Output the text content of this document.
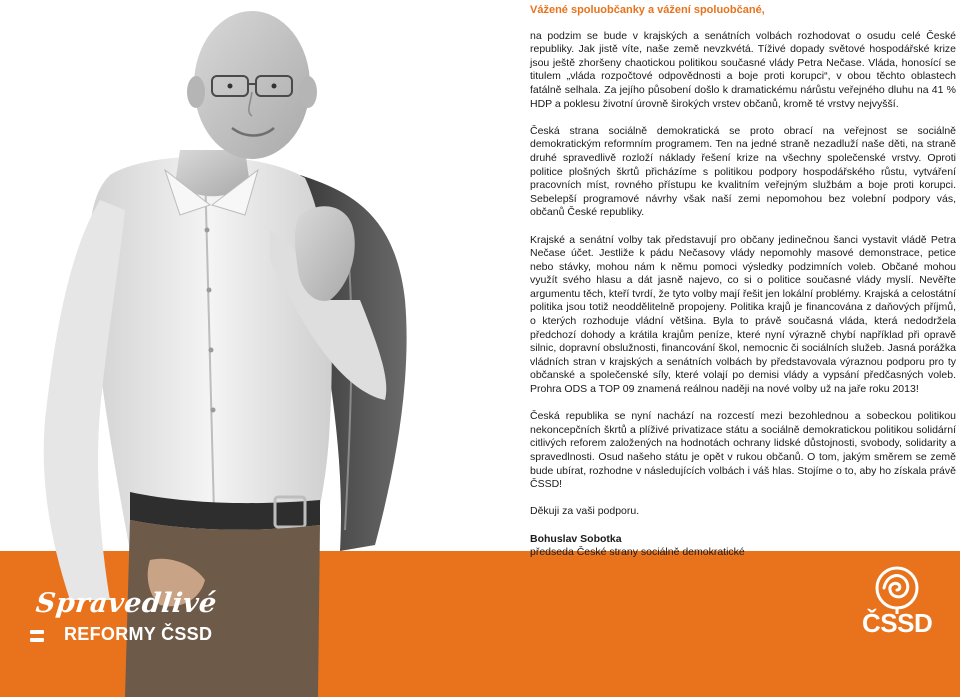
Vážené spoluobčanky a vážení spoluobčané,

na podzim se bude v krajských a senátních volbách rozhodovat o osudu celé České republiky. Jak jistě víte, naše země nevzkvétá. Tíživé dopady světové hospodářské krize jsou ještě zhoršeny chaotickou politikou současné vlády Petra Nečase. Vláda, honosící se titulem „vláda rozpočtové odpovědnosti a boje proti korupci“, v obou těchto oblastech fatálně selhala. Za jejího působení došlo k dramatickému nárůstu veřejného dluhu na 41 % HDP a poklesu životní úrovně širokých vrstev občanů, kromě té vrstvy nejvyšší.

Česká strana sociálně demokratická se proto obrací na veřejnost se sociálně demokratickým reformním programem. Ten na jedné straně nezadluží naše děti, na straně druhé spravedlivě rozloží náklady řešení krize na všechny společenské vrstvy. Oproti politice plošných škrtů přicházíme s politikou podpory hospodářského růstu, vytváření pracovních míst, rovného přístupu ke kvalitním veřejným službám a boje proti korupci. Sebelepší programové návrhy však naší zemi nepomohou bez volební podpory vás, občanů České republiky.

Krajské a senátní volby tak představují pro občany jedinečnou šanci vystavit vládě Petra Nečase účet. Jestliže k pádu Nečasovy vlády nepomohly masové demonstrace, petice nebo stávky, mohou nám k němu pomoci výsledky podzimních voleb. Občané mohou využít svého hlasu a dát jasně najevo, co si o politice současné vlády myslí. Nevěřte argumentu těch, kteří tvrdí, že tyto volby mají řešit jen lokální problémy. Krajská a celostátní politika jsou totiž neoddělitelně propojeny. Politika krajů je financována z daňových příjmů, o kterých rozhoduje vládní většina. Byla to právě současná vláda, která nedodržela předchozí dohody a krátila krajům peníze, které nyní výrazně chybí například při opravě silnic, dopravní obslužnosti, financování škol, nemocnic či sociálních služeb. Jasná porážka vládních stran v krajských a senátních volbách by představovala výraznou podporu pro ty občanské a společenské síly, které volají po demisi vlády a vypsání předčasných voleb. Prohra ODS a TOP 09 znamená reálnou naději na nové volby už na jaře roku 2013!

Česká republika se nyní nachází na rozcestí mezi bezohlednou a sobeckou politikou nekoncepčních škrtů a plíživé privatizace státu a sociálně demokratickou politikou solidární citlivých reforem založených na hodnotách ochrany lidské důstojnosti, svobody, solidarity a spravedlnosti. Osud našeho státu je opět v rukou občanů. O tom, jakým směrem se země bude ubírat, rozhodne v následujících volbách i váš hlas. Stojíme o to, aby ho získala právě ČSSD!

Děkuji za vaši podporu.

Bohuslav Sobotka

předseda České strany sociálně demokratické

Spravedlivé
REFORMY ČSSD	ČSSD
